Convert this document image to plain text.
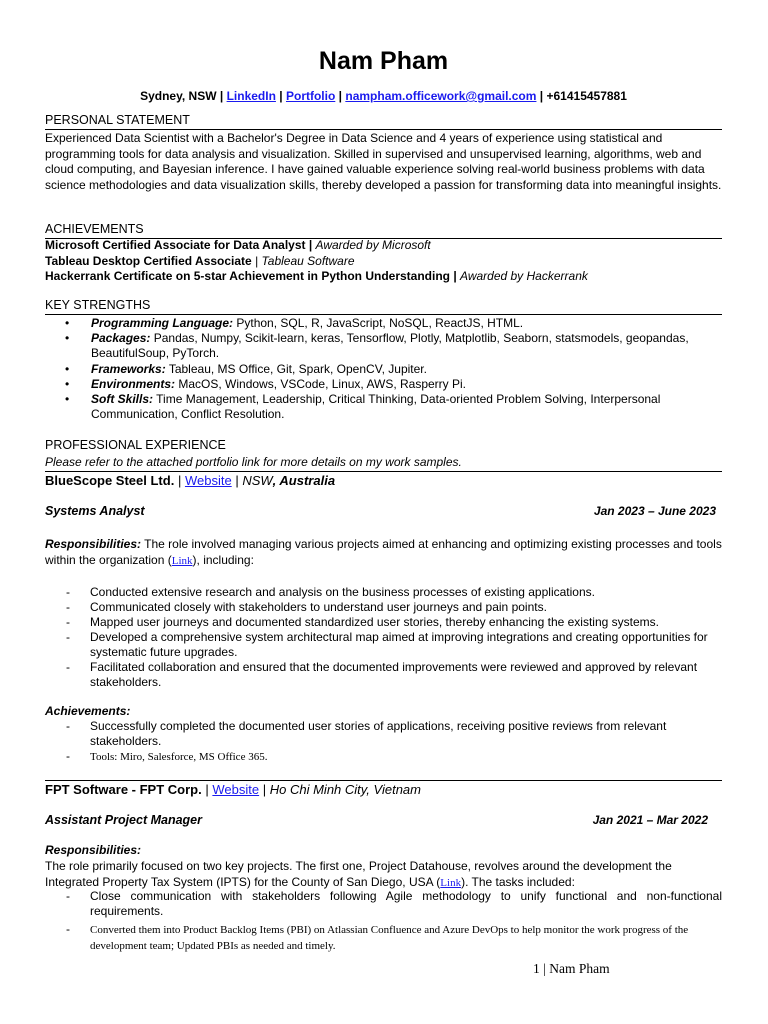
Nam Pham
Sydney, NSW | LinkedIn | Portfolio | nampham.officework@gmail.com | +61415457881
PERSONAL STATEMENT
Experienced Data Scientist with a Bachelor's Degree in Data Science and 4 years of experience using statistical and programming tools for data analysis and visualization. Skilled in supervised and unsupervised learning, algorithms, web and cloud computing, and Bayesian inference. I have gained valuable experience solving real-world business problems with data science methodologies and data visualization skills, thereby developed a passion for transforming data into meaningful insights.
ACHIEVEMENTS
Microsoft Certified Associate for Data Analyst | Awarded by Microsoft
Tableau Desktop Certified Associate | Tableau Software
Hackerrank Certificate on 5-star Achievement in Python Understanding | Awarded by Hackerrank
KEY STRENGTHS
• Programming Language: Python, SQL, R, JavaScript, NoSQL, ReactJS, HTML.
• Packages: Pandas, Numpy, Scikit-learn, keras, Tensorflow, Plotly, Matplotlib, Seaborn, statsmodels, geopandas, BeautifulSoup, PyTorch.
• Frameworks: Tableau, MS Office, Git, Spark, OpenCV, Jupiter.
• Environments: MacOS, Windows, VSCode, Linux, AWS, Rasperry Pi.
• Soft Skills: Time Management, Leadership, Critical Thinking, Data-oriented Problem Solving, Interpersonal Communication, Conflict Resolution.
PROFESSIONAL EXPERIENCE
Please refer to the attached portfolio link for more details on my work samples.
BlueScope Steel Ltd. | Website | NSW, Australia
Systems Analyst	Jan 2023 – June 2023
Responsibilities: The role involved managing various projects aimed at enhancing and optimizing existing processes and tools within the organization (Link), including:
- Conducted extensive research and analysis on the business processes of existing applications.
- Communicated closely with stakeholders to understand user journeys and pain points.
- Mapped user journeys and documented standardized user stories, thereby enhancing the existing systems.
- Developed a comprehensive system architectural map aimed at improving integrations and creating opportunities for systematic future upgrades.
- Facilitated collaboration and ensured that the documented improvements were reviewed and approved by relevant stakeholders.
Achievements:
- Successfully completed the documented user stories of applications, receiving positive reviews from relevant stakeholders.
- Tools: Miro, Salesforce, MS Office 365.
FPT Software - FPT Corp. | Website | Ho Chi Minh City, Vietnam
Assistant Project Manager	Jan 2021 – Mar 2022
Responsibilities:
The role primarily focused on two key projects. The first one, Project Datahouse, revolves around the development the Integrated Property Tax System (IPTS) for the County of San Diego, USA (Link). The tasks included:
- Close communication with stakeholders following Agile methodology to unify functional and non-functional requirements.
- Converted them into Product Backlog Items (PBI) on Atlassian Confluence and Azure DevOps to help monitor the work progress of the development team; Updated PBIs as needed and timely.
1 | Nam Pham
